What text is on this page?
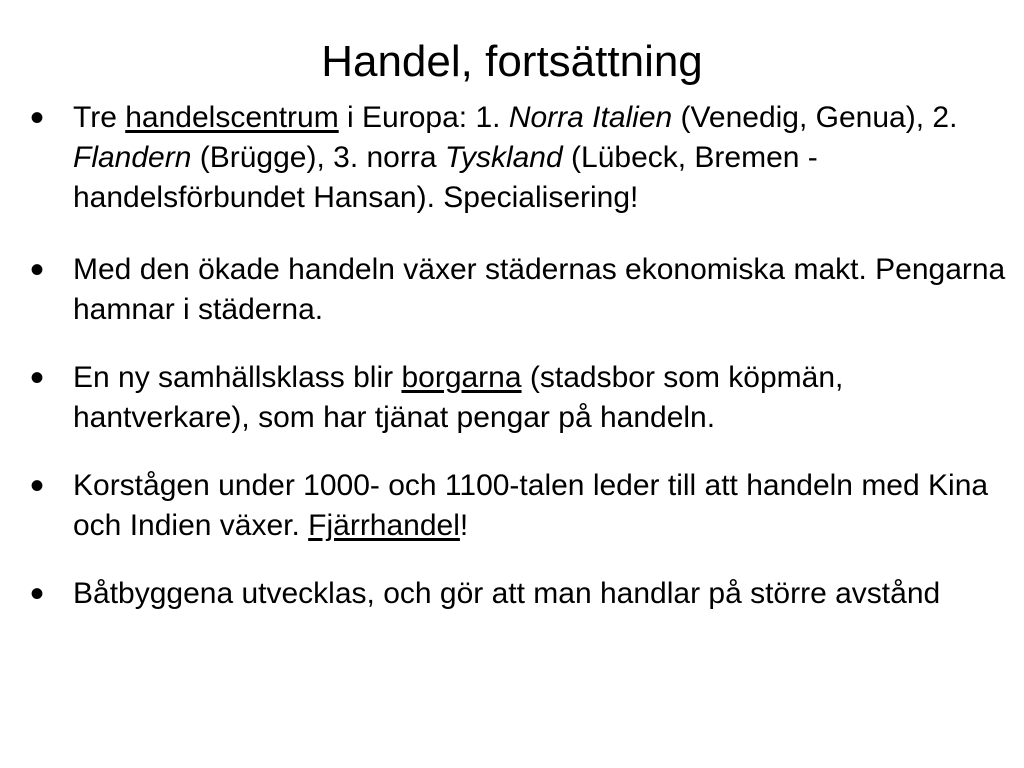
Handel, fortsättning
• Tre handelscentrum i Europa: 1. Norra Italien (Venedig, Genua), 2. Flandern (Brügge), 3. norra Tyskland (Lübeck, Bremen - handelsförbundet Hansan). Specialisering!
• Med den ökade handeln växer städernas ekonomiska makt. Pengarna hamnar i städerna.
• En ny samhällsklass blir borgarna (stadsbor som köpmän, hantverkare), som har tjänat pengar på handeln.
• Korstågen under 1000- och 1100-talen leder till att handeln med Kina och Indien växer. Fjärrhandel!
• Båtbyggena utvecklas, och gör att man handlar på större avstånd
